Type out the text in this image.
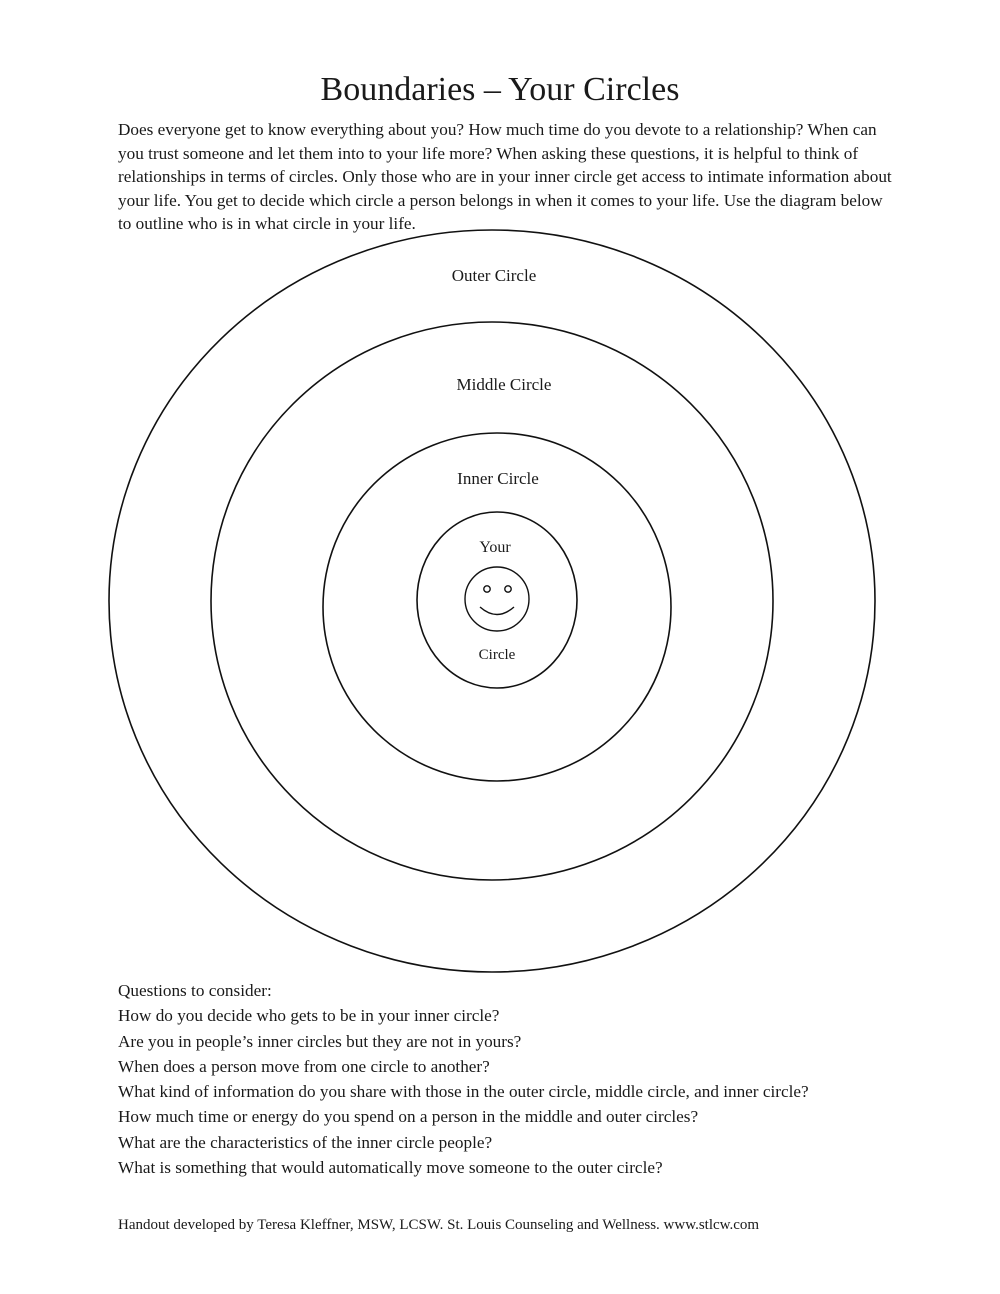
Boundaries – Your Circles

Does everyone get to know everything about you? How much time do you devote to a relationship? When can you trust someone and let them into to your life more? When asking these questions, it is helpful to think of relationships in terms of circles. Only those who are in your inner circle get access to intimate information about your life. You get to decide which circle a person belongs in when it comes to your life. Use the diagram below to outline who is in what circle in your life.

Outer Circle
Middle Circle
Inner Circle
Your
Circle
Questions to consider:
How do you decide who gets to be in your inner circle?
Are you in people’s inner circles but they are not in yours?
When does a person move from one circle to another?
What kind of information do you share with those in the outer circle, middle circle, and inner circle?
How much time or energy do you spend on a person in the middle and outer circles?
What are the characteristics of the inner circle people?
What is something that would automatically move someone to the outer circle?

Handout developed by Teresa Kleffner, MSW, LCSW. St. Louis Counseling and Wellness. www.stlcw.com
